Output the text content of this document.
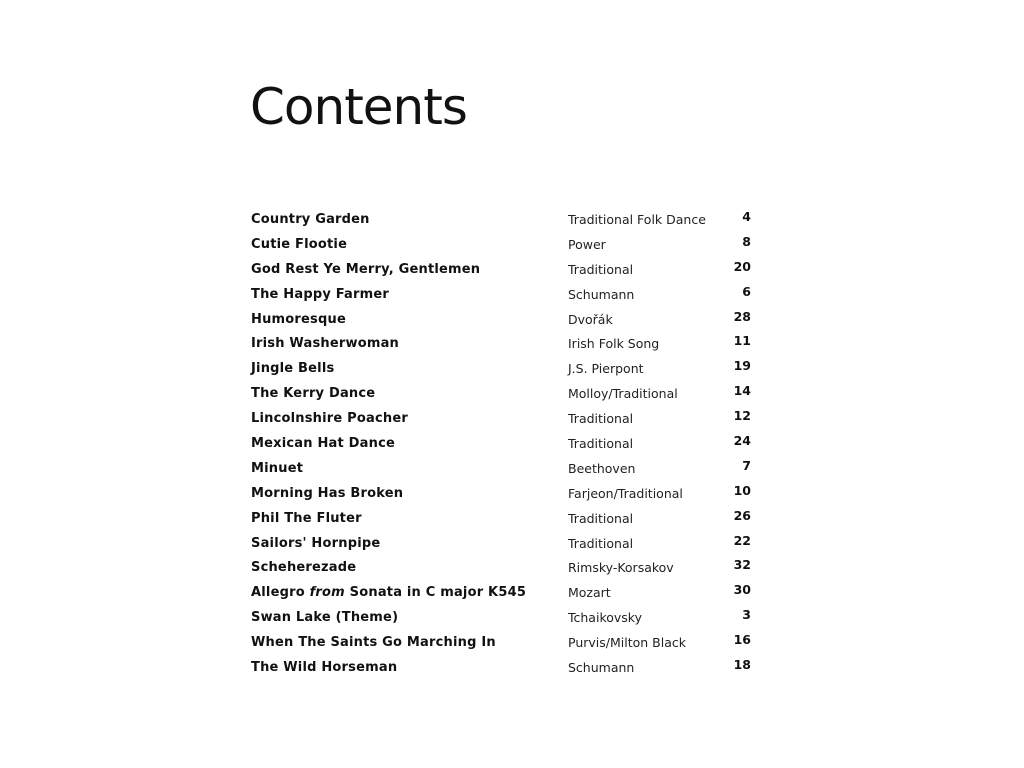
Contents
Country Garden	Traditional Folk Dance	4
Cutie Flootie	Power	8
God Rest Ye Merry, Gentlemen	Traditional	20
The Happy Farmer	Schumann	6
Humoresque	Dvořák	28
Irish Washerwoman	Irish Folk Song	11
Jingle Bells	J.S. Pierpont	19
The Kerry Dance	Molloy/Traditional	14
Lincolnshire Poacher	Traditional	12
Mexican Hat Dance	Traditional	24
Minuet	Beethoven	7
Morning Has Broken	Farjeon/Traditional	10
Phil The Fluter	Traditional	26
Sailors' Hornpipe	Traditional	22
Scheherezade	Rimsky-Korsakov	32
Allegro from Sonata in C major K545	Mozart	30
Swan Lake (Theme)	Tchaikovsky	3
When The Saints Go Marching In	Purvis/Milton Black	16
The Wild Horseman	Schumann	18
